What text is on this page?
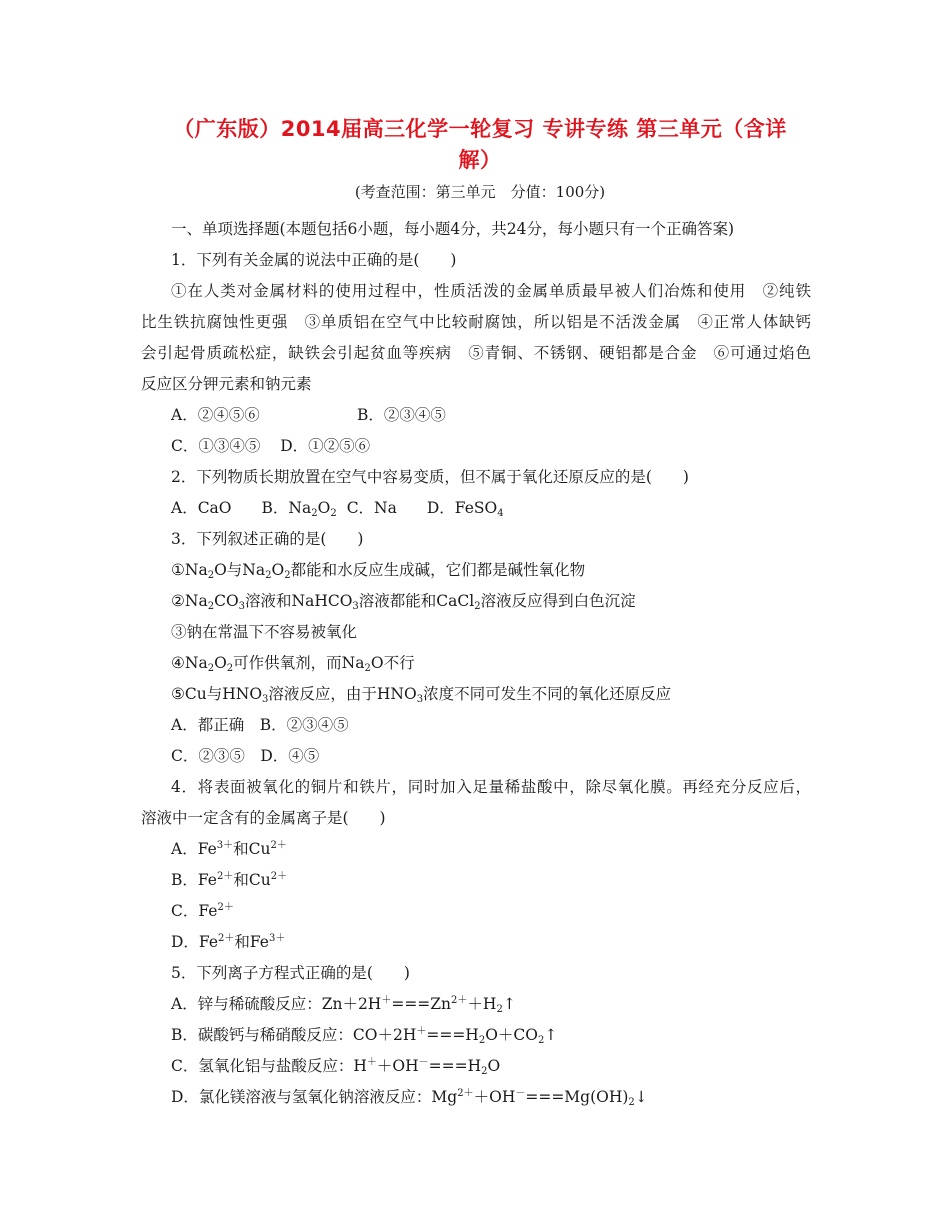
（广东版）2014届高三化学一轮复习 专讲专练 第三单元（含详
解）
(考查范围：第三单元　分值：100分)
一、单项选择题(本题包括6小题，每小题4分，共24分，每小题只有一个正确答案)
1．下列有关金属的说法中正确的是(　　)
①在人类对金属材料的使用过程中，性质活泼的金属单质最早被人们冶炼和使用　②纯铁
比生铁抗腐蚀性更强　③单质铝在空气中比较耐腐蚀，所以铝是不活泼金属　④正常人体缺钙
会引起骨质疏松症，缺铁会引起贫血等疾病　⑤青铜、不锈钢、硬铝都是合金　⑥可通过焰色
反应区分钾元素和钠元素
A．②④⑤⑥	B．②③④⑤
C．①③④⑤ D．①②⑤⑥
2．下列物质长期放置在空气中容易变质，但不属于氧化还原反应的是(　　)
A．CaO B．$Na_2O_2$ C．Na D．FeSO$_4$
3．下列叙述正确的是(　　)
$①Na_2O$与$Na_2O_2$都能和水反应生成碱，它们都是碱性氧化物
$②Na_2CO_3$溶液和NaHCO$_3$溶液都能和CaCl$_2$溶液反应得到白色沉淀
③钠在常温下不容易被氧化
$④Na_2O_2$可作供氧剂，而$Na_2O$不行
⑤Cu与$HNO_3$溶液反应，由于$HNO_3$浓度不同可发生不同的氧化还原反应
A．都正确　B．②③④⑤
C．②③⑤　D．④⑤
4．将表面被氧化的铜片和铁片，同时加入足量稀盐酸中，除尽氧化膜。再经充分反应后，
溶液中一定含有的金属离子是(　　)
A．$Fe^{3+}$和$Cu^{2+}$
B．$Fe^{2+}$和$Cu^{2+}$
C．$Fe^{2+}$
D．$Fe^{2+}$和$Fe^{3+}$
5．下列离子方程式正确的是(　　)
A．锌与稀硫酸反应：$Zn+2H^+===Zn^{2+}+H_2↑$
B．碳酸钙与稀硝酸反应：$CO+2H^+===H_2O+CO_2↑$
C．氢氧化铝与盐酸反应：$H^++OH^-===H_2O$
D．氯化镁溶液与氢氧化钠溶液反应：$Mg^{2+}+OH^-===Mg(OH)_2↓$
